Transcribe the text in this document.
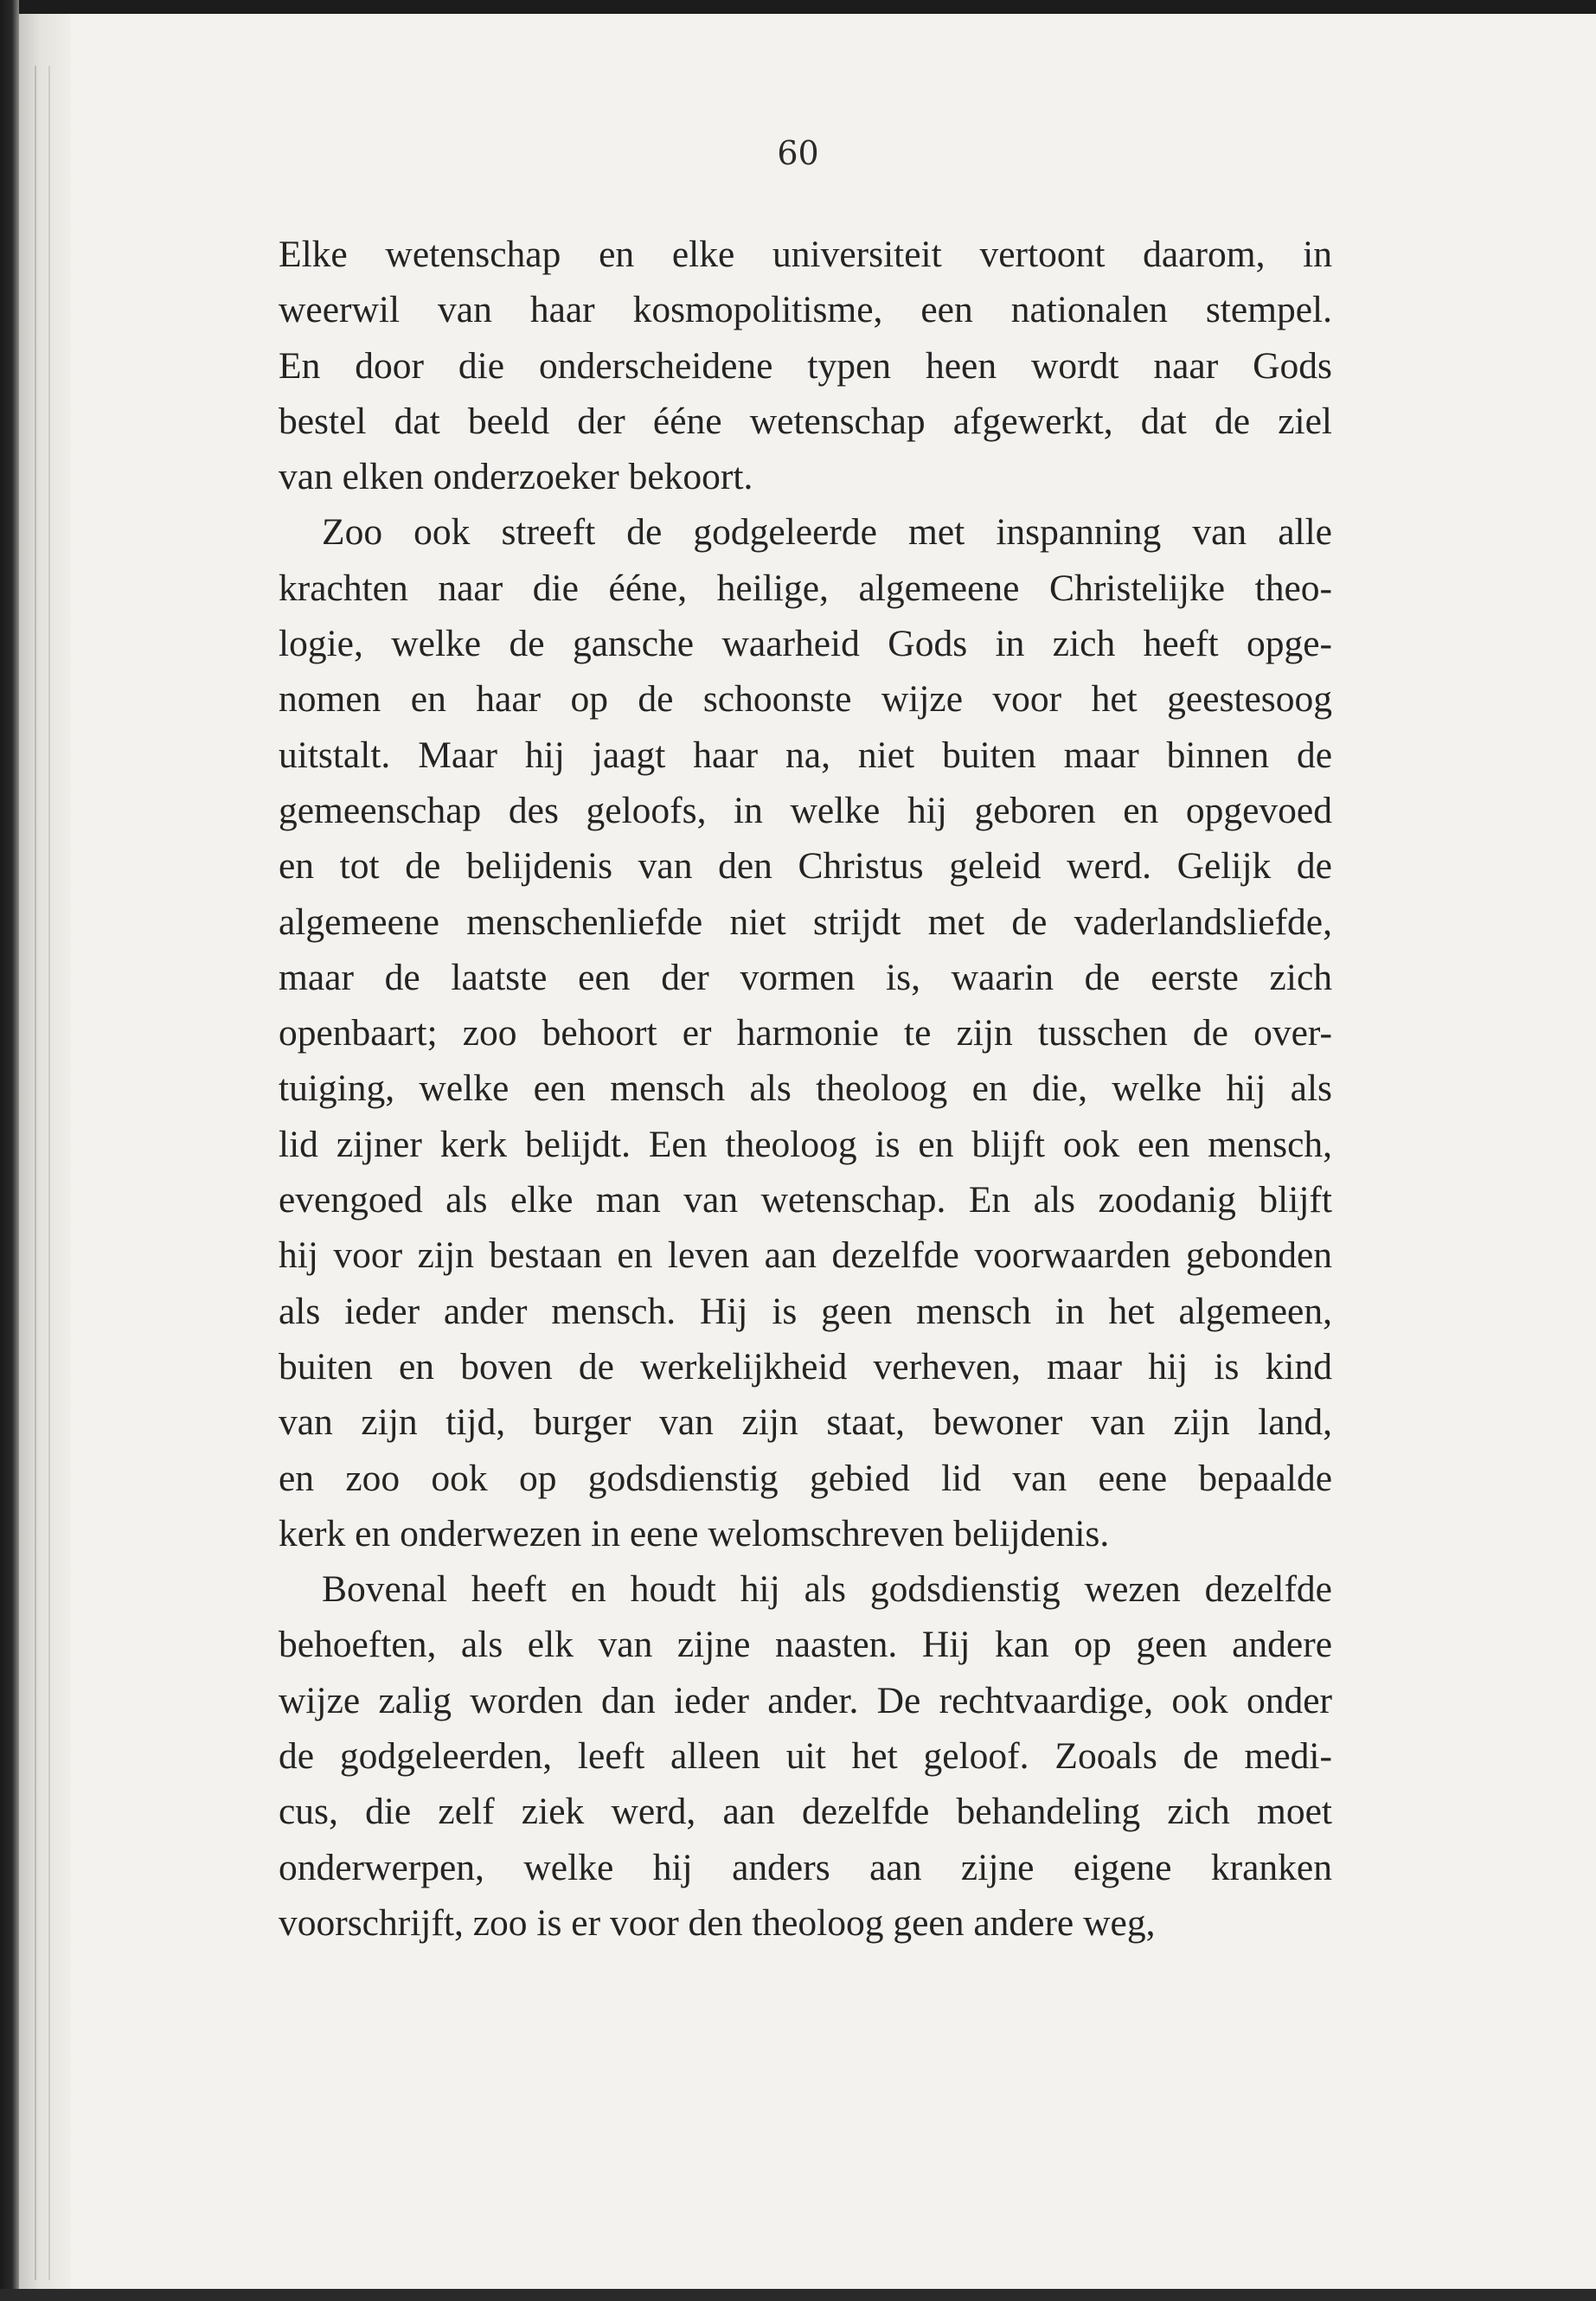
60
Elke wetenschap en elke universiteit vertoont daarom, in
weerwil van haar kosmopolitisme, een nationalen stempel.
En door die onderscheidene typen heen wordt naar Gods
bestel dat beeld der ééne wetenschap afgewerkt, dat de ziel
van elken onderzoeker bekoort.
Zoo ook streeft de godgeleerde met inspanning van alle
krachten naar die ééne, heilige, algemeene Christelijke theo-
logie, welke de gansche waarheid Gods in zich heeft opge-
nomen en haar op de schoonste wijze voor het geestesoog
uitstalt. Maar hij jaagt haar na, niet buiten maar binnen de
gemeenschap des geloofs, in welke hij geboren en opgevoed
en tot de belijdenis van den Christus geleid werd. Gelijk de
algemeene menschenliefde niet strijdt met de vaderlandsliefde,
maar de laatste een der vormen is, waarin de eerste zich
openbaart; zoo behoort er harmonie te zijn tusschen de over-
tuiging, welke een mensch als theoloog en die, welke hij als
lid zijner kerk belijdt. Een theoloog is en blijft ook een mensch,
evengoed als elke man van wetenschap. En als zoodanig blijft
hij voor zijn bestaan en leven aan dezelfde voorwaarden gebonden
als ieder ander mensch. Hij is geen mensch in het algemeen,
buiten en boven de werkelijkheid verheven, maar hij is kind
van zijn tijd, burger van zijn staat, bewoner van zijn land,
en zoo ook op godsdienstig gebied lid van eene bepaalde
kerk en onderwezen in eene welomschreven belijdenis.
Bovenal heeft en houdt hij als godsdienstig wezen dezelfde
behoeften, als elk van zijne naasten. Hij kan op geen andere
wijze zalig worden dan ieder ander. De rechtvaardige, ook onder
de godgeleerden, leeft alleen uit het geloof. Zooals de medi-
cus, die zelf ziek werd, aan dezelfde behandeling zich moet
onderwerpen, welke hij anders aan zijne eigene kranken
voorschrijft, zoo is er voor den theoloog geen andere weg,
